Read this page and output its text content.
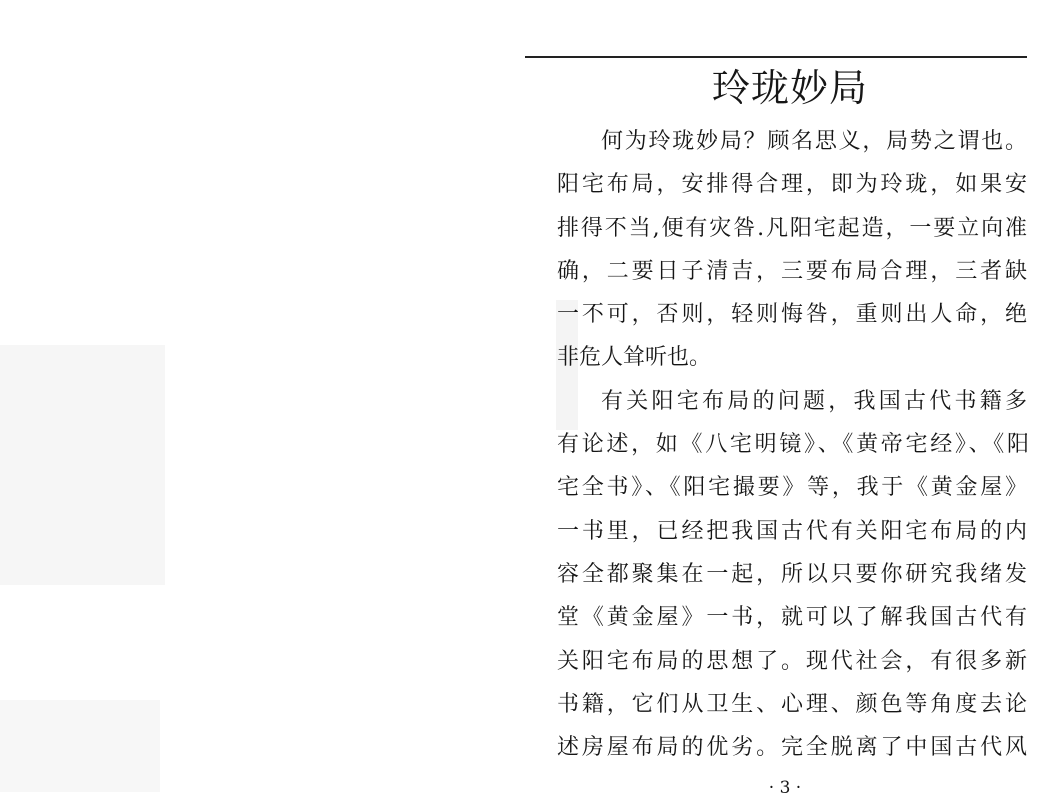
玲珑妙局
何为玲珑妙局？顾名思义，局势之谓也。
阳宅布局，安排得合理，即为玲珑，如果安
排得不当,便有灾咎.凡阳宅起造，一要立向准
确，二要日子清吉，三要布局合理，三者缺
一不可，否则，轻则悔咎，重则出人命，绝
非危人耸听也。
有关阳宅布局的问题，我国古代书籍多
有论述，如《八宅明镜》、《黄帝宅经》、《阳
宅全书》、《阳宅撮要》等，我于《黄金屋》
一书里，已经把我国古代有关阳宅布局的内
容全都聚集在一起，所以只要你研究我绪发
堂《黄金屋》一书，就可以了解我国古代有
关阳宅布局的思想了。现代社会，有很多新
书籍，它们从卫生、心理、颜色等角度去论
述房屋布局的优劣。完全脱离了中国古代风
· 3 ·
